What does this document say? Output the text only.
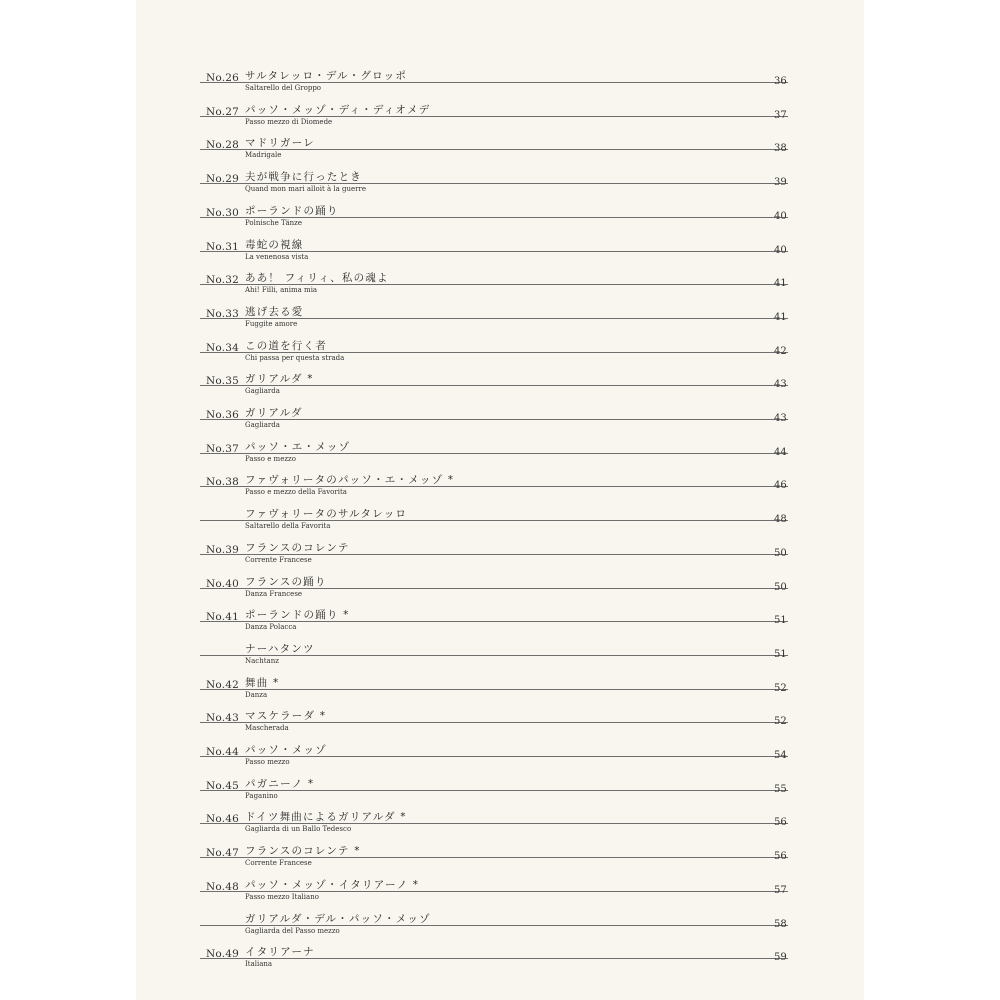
No.26 サルタレッロ・デル・グロッポ
Saltarello del Groppo
36
No.27 パッソ・メッゾ・ディ・ディオメデ
Passo mezzo di Diomede
37
No.28 マドリガーレ
Madrigale
38
No.29 夫が戦争に行ったとき
Quand mon mari alloit à la guerre
39
No.30 ポーランドの踊り
Polnische Tänze
40
No.31 毒蛇の視線
La venenosa vista
40
No.32 ああ！ フィリィ、私の魂よ
Ahi! Filli, anima mia
41
No.33 逃げ去る愛
Fuggite amore
41
No.34 この道を行く者
Chi passa per questa strada
42
No.35 ガリアルダ *
Gagliarda
43
No.36 ガリアルダ
Gagliarda
43
No.37 パッソ・エ・メッゾ
Passo e mezzo
44
No.38 ファヴォリータのパッソ・エ・メッゾ *
Passo e mezzo della Favorita
46
ファヴォリータのサルタレッロ
Saltarello della Favorita
48
No.39 フランスのコレンテ
Corrente Francese
50
No.40 フランスの踊り
Danza Francese
50
No.41 ポーランドの踊り *
Danza Polacca
51
ナーハタンツ
Nachtanz
51
No.42 舞曲 *
Danza
52
No.43 マスケラーダ *
Mascherada
52
No.44 パッソ・メッゾ
Passo mezzo
54
No.45 パガニーノ *
Paganino
55
No.46 ドイツ舞曲によるガリアルダ *
Gagliarda di un Ballo Tedesco
56
No.47 フランスのコレンテ *
Corrente Francese
56
No.48 パッソ・メッゾ・イタリアーノ *
Passo mezzo Italiano
57
ガリアルダ・デル・パッソ・メッゾ
Gagliarda del Passo mezzo
58
No.49 イタリアーナ
Italiana
59
